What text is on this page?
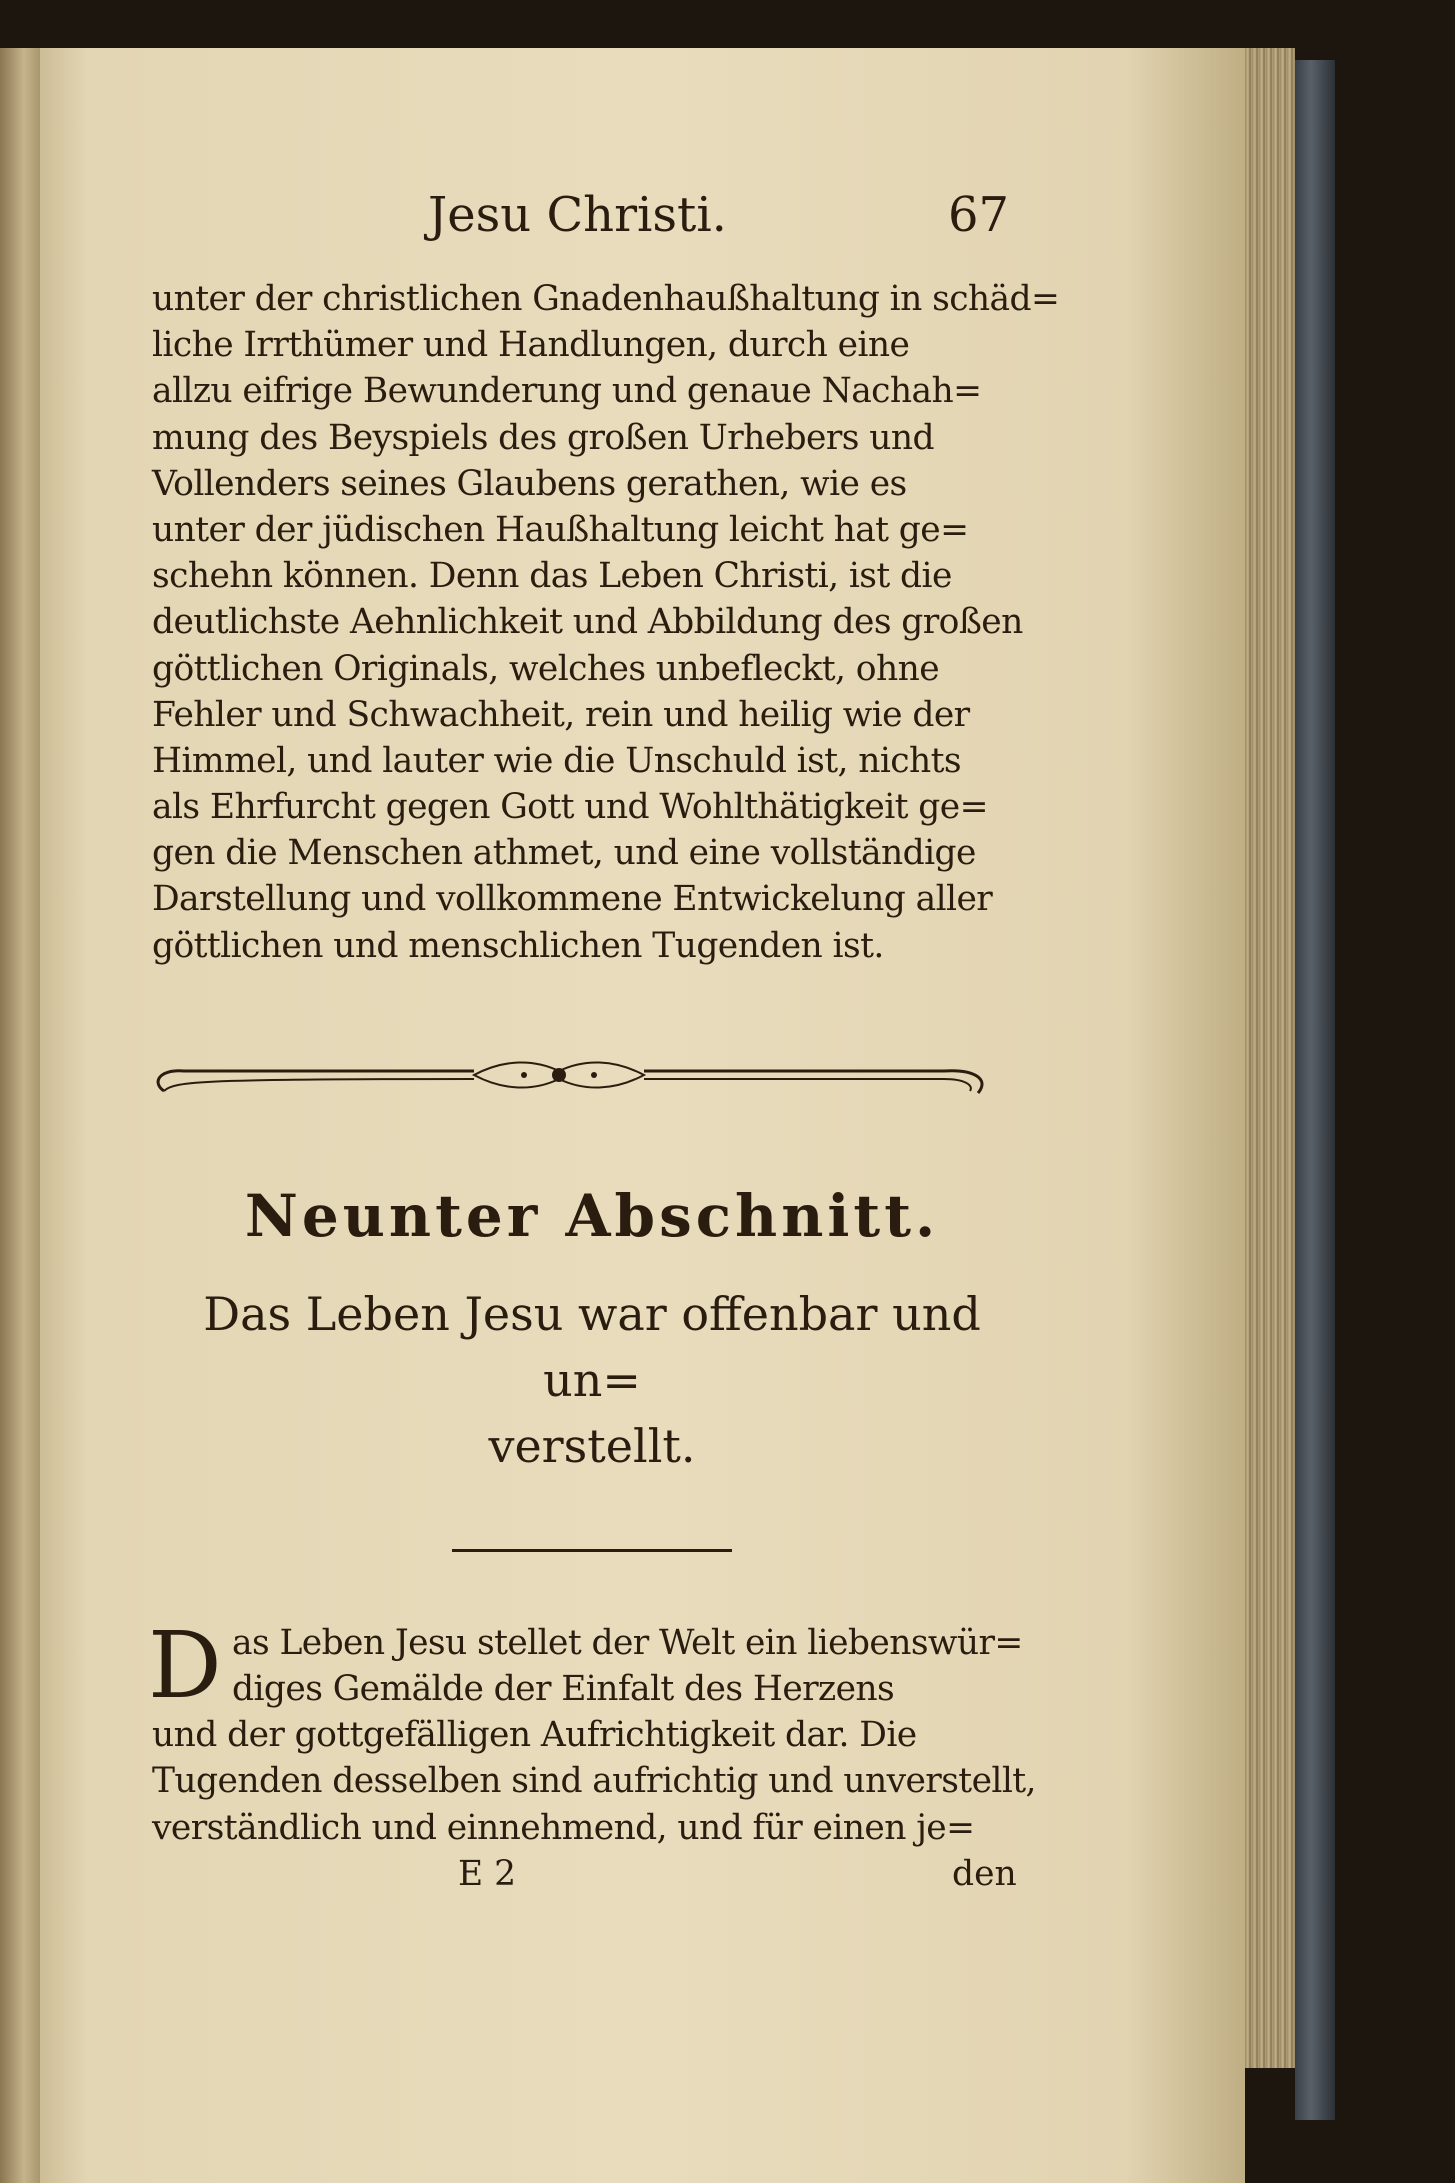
Jesu Christi.	67
unter der christlichen Gnadenhaußhaltung in schäd=
liche Irrthümer und Handlungen, durch eine
allzu eifrige Bewunderung und genaue Nachah=
mung des Beyspiels des großen Urhebers und
Vollenders seines Glaubens gerathen, wie es
unter der jüdischen Haußhaltung leicht hat ge=
schehn können. Denn das Leben Christi, ist die
deutlichste Aehnlichkeit und Abbildung des großen
göttlichen Originals, welches unbefleckt, ohne
Fehler und Schwachheit, rein und heilig wie der
Himmel, und lauter wie die Unschuld ist, nichts
als Ehrfurcht gegen Gott und Wohlthätigkeit ge=
gen die Menschen athmet, und eine vollständige
Darstellung und vollkommene Entwickelung aller
göttlichen und menschlichen Tugenden ist.
Neunter Abschnitt.
Das Leben Jesu war offenbar und un=
verstellt.
D as Leben Jesu stellet der Welt ein liebenswür=
diges Gemälde der Einfalt des Herzens
und der gottgefälligen Aufrichtigkeit dar. Die
Tugenden desselben sind aufrichtig und unverstellt,
verständlich und einnehmend, und für einen je=
E 2	den
